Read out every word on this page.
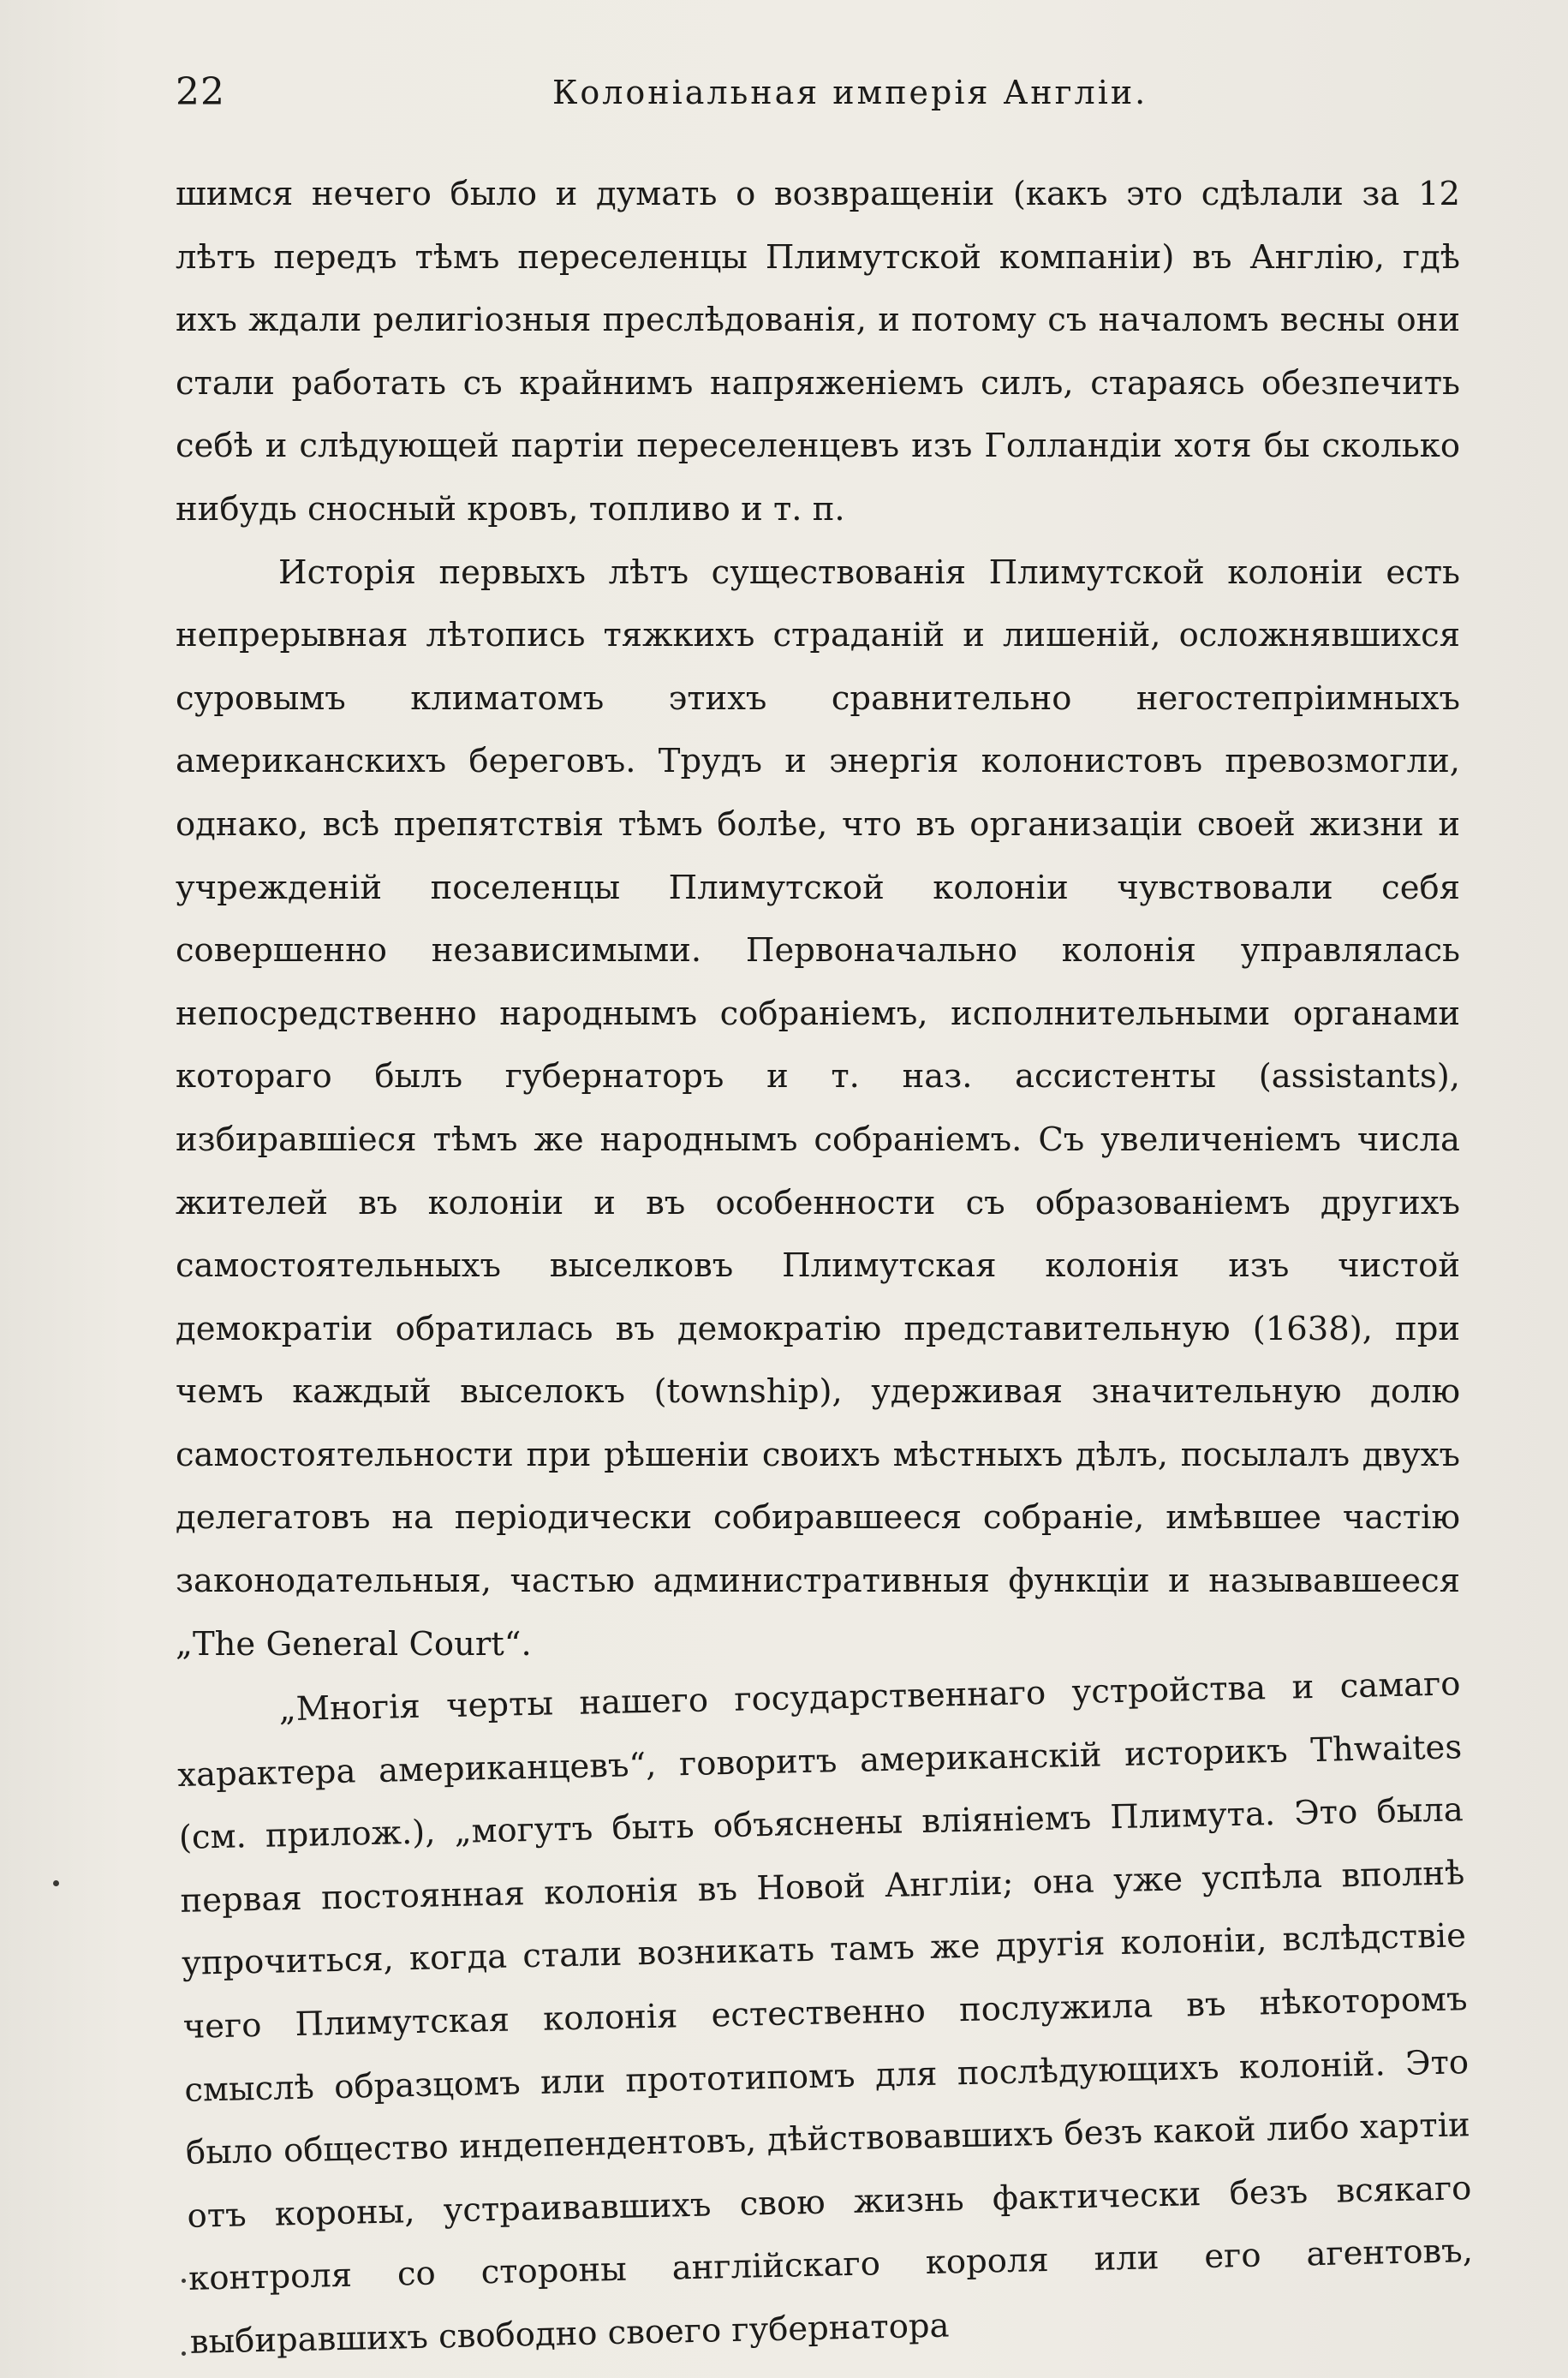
22	Колоніальная имперія Англіи.

шимся нечего было и думать о возвращеніи (какъ это сдѣлали за 12 лѣтъ передъ тѣмъ переселенцы Плимутской компаніи) въ Англію, гдѣ ихъ ждали религіозныя преслѣдованія, и потому съ началомъ весны они стали работать съ крайнимъ напряженіемъ силъ, стараясь обезпечить себѣ и слѣдующей партіи переселенцевъ изъ Голландіи хотя бы сколько нибудь сносный кровъ, топливо и т. п.

Исторія первыхъ лѣтъ существованія Плимутской колоніи есть непрерывная лѣтопись тяжкихъ страданій и лишеній, осложнявшихся суровымъ климатомъ этихъ сравнительно негостепріимныхъ американскихъ береговъ. Трудъ и энергія колонистовъ превозмогли, однако, всѣ препятствія тѣмъ болѣе, что въ организаціи своей жизни и учрежденій поселенцы Плимутской колоніи чувствовали себя совершенно независимыми. Первоначально колонія управлялась непосредственно народнымъ собраніемъ, исполнительными органами котораго былъ губернаторъ и т. наз. ассистенты (assistants), избиравшіеся тѣмъ же народнымъ собраніемъ. Съ увеличеніемъ числа жителей въ колоніи и въ особенности съ образованіемъ другихъ самостоятельныхъ выселковъ Плимутская колонія изъ чистой демократіи обратилась въ демократію представительную (1638), при чемъ каждый выселокъ (township), удерживая значительную долю самостоятельности при рѣшеніи своихъ мѣстныхъ дѣлъ, посылалъ двухъ делегатовъ на періодически собиравшееся собраніе, имѣвшее частію законодательныя, частью административныя функціи и называвшееся „The General Court“.

„Многія черты нашего государственнаго устройства и самаго характера американцевъ“, говоритъ американскій историкъ Thwaites (см. прилож.), „могутъ быть объяснены вліяніемъ Плимута. Это была первая постоянная колонія въ Новой Англіи; она уже успѣла вполнѣ упрочиться, когда стали возникать тамъ же другія колоніи, вслѣдствіе чего Плимутская колонія естественно послужила въ нѣкоторомъ смыслѣ образцомъ или прототипомъ для послѣдующихъ колоній. Это было общество индепендентовъ, дѣйствовавшихъ безъ какой либо хартіи отъ короны, устраивавшихъ свою жизнь фактически безъ всякаго контроля со стороны англійскаго короля или его агентовъ, выбиравшихъ свободно своего губернатора
